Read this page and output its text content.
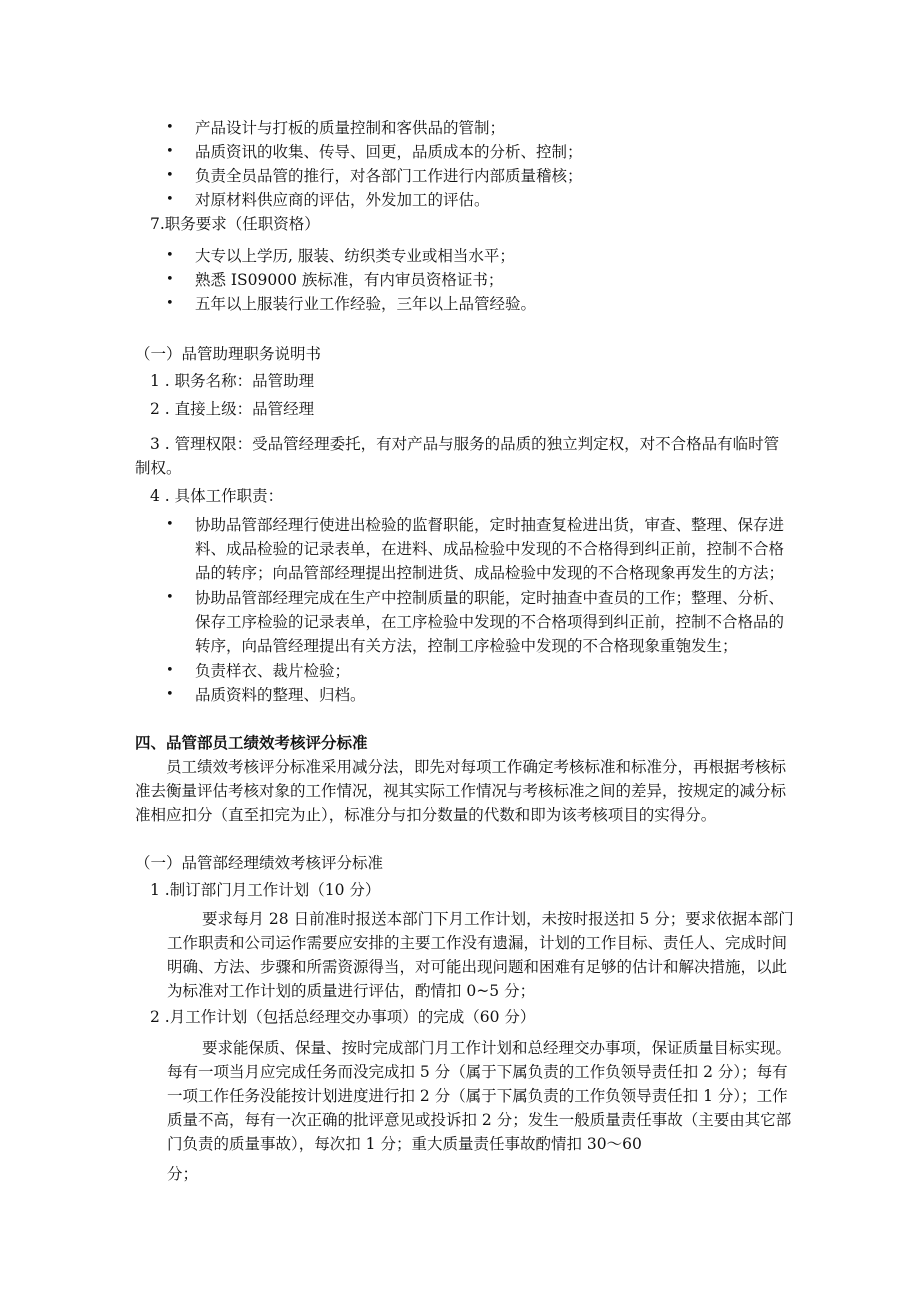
• 产品设计与打板的质量控制和客供品的管制；
• 品质资讯的收集、传导、回更，品质成本的分析、控制；
• 负责全员品管的推行，对各部门工作进行内部质量稽核；
• 对原材料供应商的评估，外发加工的评估。
7.职务要求（任职资格）
• 大专以上学历, 服装、纺织类专业或相当水平；
• 熟悉 IS09000 族标准，有内审员资格证书；
• 五年以上服装行业工作经验，三年以上品管经验。
（一）品管助理职务说明书
1 . 职务名称：品管助理
2 . 直接上级：品管经理
3 . 管理权限：受品管经理委托，有对产品与服务的品质的独立判定权，对不合格品有临时管
制权。
4 . 具体工作职责：
• 协助品管部经理行使进出检验的监督职能，定时抽查复检进出货，审查、整理、保存进
料、成品检验的记录表单，在进料、成品检验中发现的不合格得到纠正前，控制不合格
品的转序；向品管部经理提出控制进货、成品检验中发现的不合格现象再发生的方法；
• 协助品管部经理完成在生产中控制质量的职能，定时抽查中查员的工作；整理、分析、
保存工序检验的记录表单，在工序检验中发现的不合格项得到纠正前，控制不合格品的
转序，向品管经理提出有关方法，控制工序检验中发现的不合格现象重匏发生；
• 负责样衣、裁片检验；
• 品质资料的整理、归档。
四、品管部员工绩效考核评分标准
员工绩效考核评分标准采用减分法，即先对每项工作确定考核标准和标准分，再根据考核标
准去衡量评估考核对象的工作情况，视其实际工作情况与考核标准之间的差异，按规定的减分标
准相应扣分（直至扣完为止），标准分与扣分数量的代数和即为该考核项目的实得分。
（一）品管部经理绩效考核评分标准
1 .制订部门月工作计划（10 分）
要求每月 28 日前准时报送本部门下月工作计划，未按时报送扣 5 分；要求依据本部门
工作职责和公司运作需要应安排的主要工作没有遗漏，计划的工作目标、责任人、完成时间
明确、方法、步骤和所需资源得当，对可能出现问题和困难有足够的估计和解决措施，以此
为标准对工作计划的质量进行评估，酌情扣 0~5 分；
2 .月工作计划（包括总经理交办事项）的完成（60 分）
要求能保质、保量、按时完成部门月工作计划和总经理交办事项，保证质量目标实现。
每有一项当月应完成任务而没完成扣 5 分（属于下属负责的工作负领导责任扣 2 分）；每有
一项工作任务没能按计划进度进行扣 2 分（属于下属负责的工作负领导责任扣 1 分）；工作
质量不高，每有一次正确的批评意见或投诉扣 2 分；发生一般质量责任事故（主要由其它部
门负责的质量事故），每次扣 1 分；重大质量责任事故酌情扣 30～60
分；
